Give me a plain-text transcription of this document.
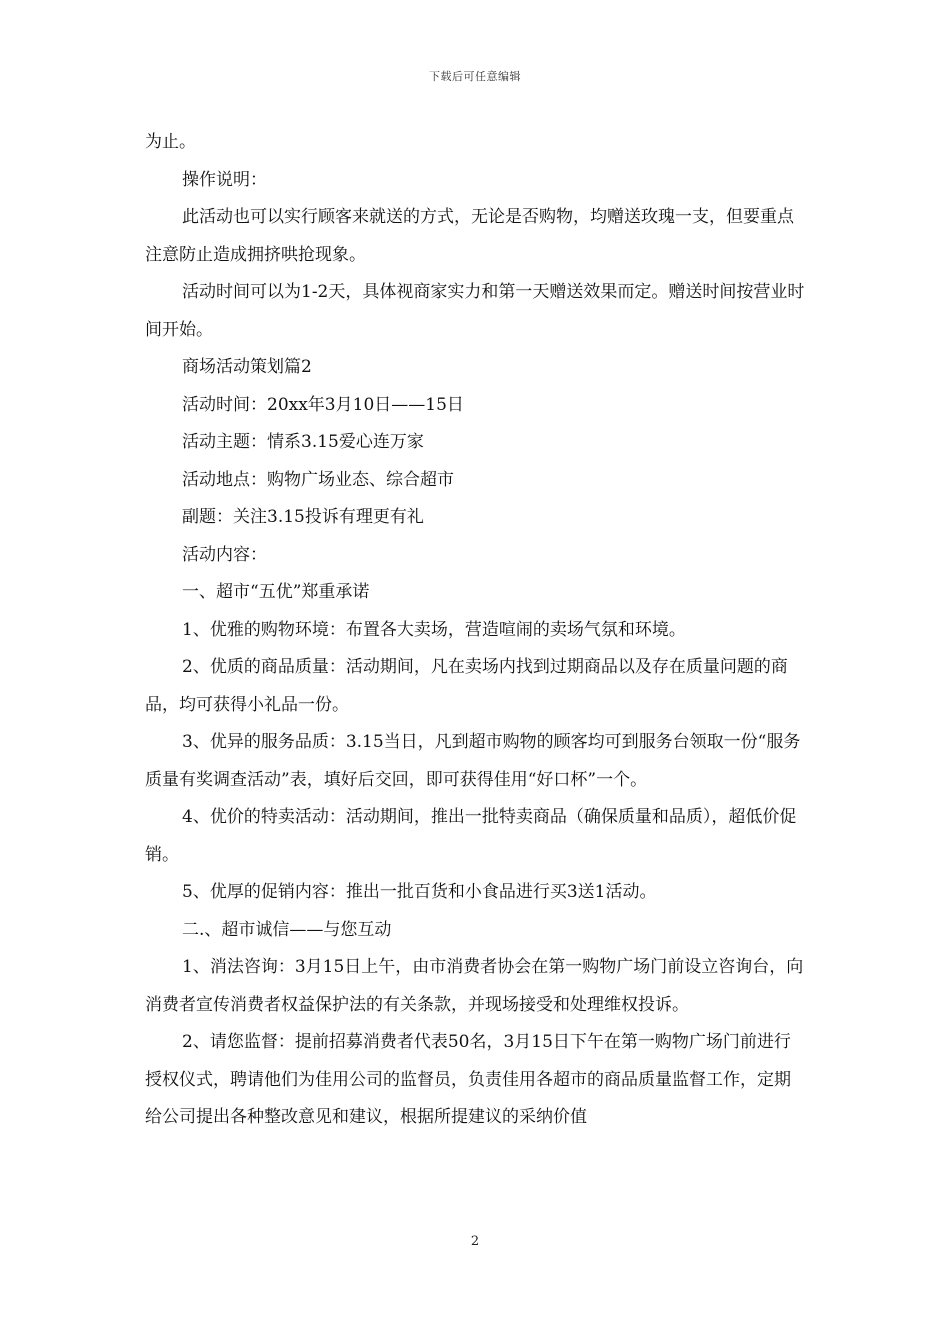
下载后可任意编辑

为止。

操作说明：

此活动也可以实行顾客来就送的方式，无论是否购物，均赠送玫瑰一支，但要重点注意防止造成拥挤哄抢现象。

活动时间可以为1-2天，具体视商家实力和第一天赠送效果而定。赠送时间按营业时间开始。

商场活动策划篇2

活动时间：20xx年3月10日——15日

活动主题：情系3.15爱心连万家

活动地点：购物广场业态、综合超市

副题：关注3.15投诉有理更有礼

活动内容：

一、超市“五优”郑重承诺

1、优雅的购物环境：布置各大卖场，营造喧闹的卖场气氛和环境。

2、优质的商品质量：活动期间，凡在卖场内找到过期商品以及存在质量问题的商品，均可获得小礼品一份。

3、优异的服务品质：3.15当日，凡到超市购物的顾客均可到服务台领取一份“服务质量有奖调查活动”表，填好后交回，即可获得佳用“好口杯”一个。

4、优价的特卖活动：活动期间，推出一批特卖商品（确保质量和品质），超低价促销。

5、优厚的促销内容：推出一批百货和小食品进行买3送1活动。

二.、超市诚信——与您互动

1、消法咨询：3月15日上午，由市消费者协会在第一购物广场门前设立咨询台，向消费者宣传消费者权益保护法的有关条款，并现场接受和处理维权投诉。

2、请您监督：提前招募消费者代表50名，3月15日下午在第一购物广场门前进行授权仪式，聘请他们为佳用公司的监督员，负责佳用各超市的商品质量监督工作，定期给公司提出各种整改意见和建议，根据所提建议的采纳价值

2
